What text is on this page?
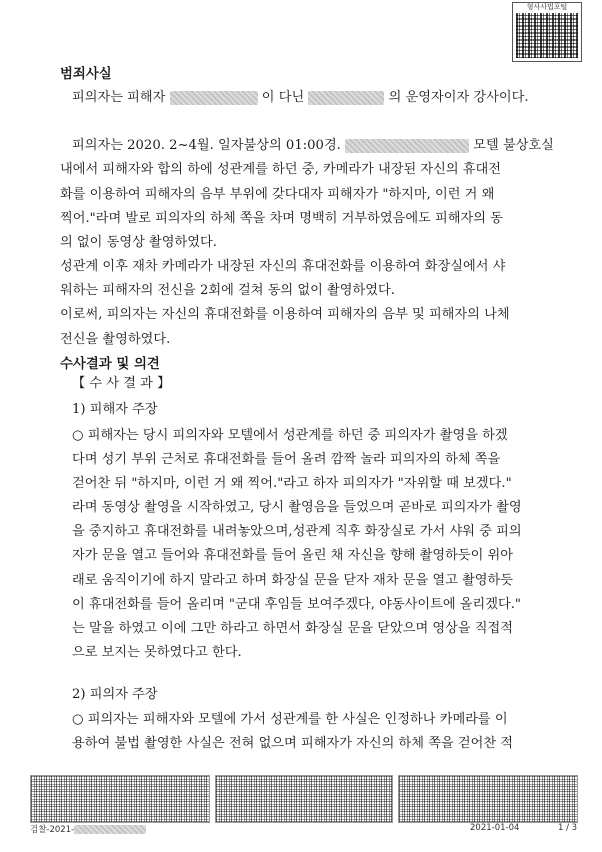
형사사법포털
범죄사실
피의자는 피해자	이 다닌	의 운영자이자 강사이다.
피의자는 2020. 2~4월. 일자불상의 01:00경.	모텔 불상호실
내에서 피해자와 합의 하에 성관계를 하던 중, 카메라가 내장된 자신의 휴대전
화를 이용하여 피해자의 음부 부위에 갖다대자 피해자가 "하지마, 이런 거 왜
찍어."라며 발로 피의자의 하체 쪽을 차며 명백히 거부하였음에도 피해자의 동
의 없이 동영상 촬영하였다.
성관계 이후 재차 카메라가 내장된 자신의 휴대전화를 이용하여 화장실에서 샤
워하는 피해자의 전신을 2회에 걸쳐 동의 없이 촬영하였다.
이로써, 피의자는 자신의 휴대전화를 이용하여 피해자의 음부 및 피해자의 나체
전신을 촬영하였다.
수사결과 및 의견
【 수 사 결 과 】
1) 피해자 주장
○ 피해자는 당시 피의자와 모텔에서 성관계를 하던 중 피의자가 촬영을 하겠
다며 성기 부위 근처로 휴대전화를 들어 올려 깜짝 놀라 피의자의 하체 쪽을
걷어찬 뒤 "하지마, 이런 거 왜 찍어."라고 하자 피의자가 "자위할 때 보겠다."
라며 동영상 촬영을 시작하였고, 당시 촬영음을 들었으며 곧바로 피의자가 촬영
을 중지하고 휴대전화를 내려놓았으며,성관계 직후 화장실로 가서 샤워 중 피의
자가 문을 열고 들어와 휴대전화를 들어 올린 채 자신을 향해 촬영하듯이 위아
래로 움직이기에 하지 말라고 하며 화장실 문을 닫자 재차 문을 열고 촬영하듯
이 휴대전화를 들어 올리며 "군대 후임들 보여주겠다, 야동사이트에 올리겠다."
는 말을 하였고 이에 그만 하라고 하면서 화장실 문을 닫았으며 영상을 직접적
으로 보지는 못하였다고 한다.
2) 피의자 주장
○ 피의자는 피해자와 모텔에 가서 성관계를 한 사실은 인정하나 카메라를 이
용하여 불법 촬영한 사실은 전혀 없으며 피해자가 자신의 하체 쪽을 걷어찬 적
검찰-2021-	2021-01-04	1 / 3
